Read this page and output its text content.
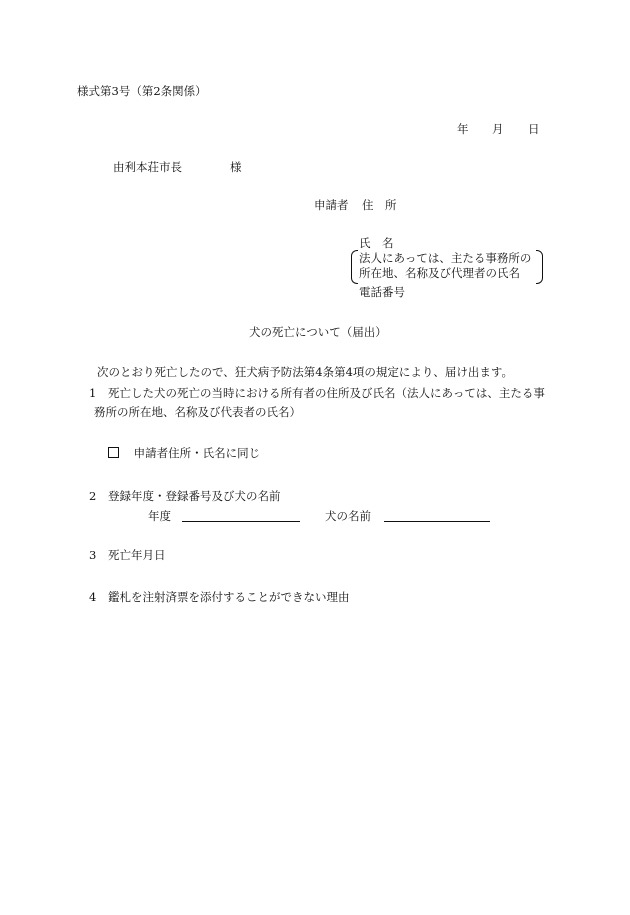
様式第3号（第2条関係）
年 月 日
由利本荘市長	様
申請者 住　所
氏　名
法人にあっては、主たる事務所の
所在地、名称及び代理者の氏名
電話番号
犬の死亡について（届出）
次のとおり死亡したので、狂犬病予防法第4条第4項の規定により、届け出ます。
1 死亡した犬の死亡の当時における所有者の住所及び氏名（法人にあっては、主たる事
務所の所在地、名称及び代表者の氏名）
申請者住所・氏名に同じ
2 登録年度・登録番号及び犬の名前
年度	犬の名前
3 死亡年月日
4 鑑札を注射済票を添付することができない理由
